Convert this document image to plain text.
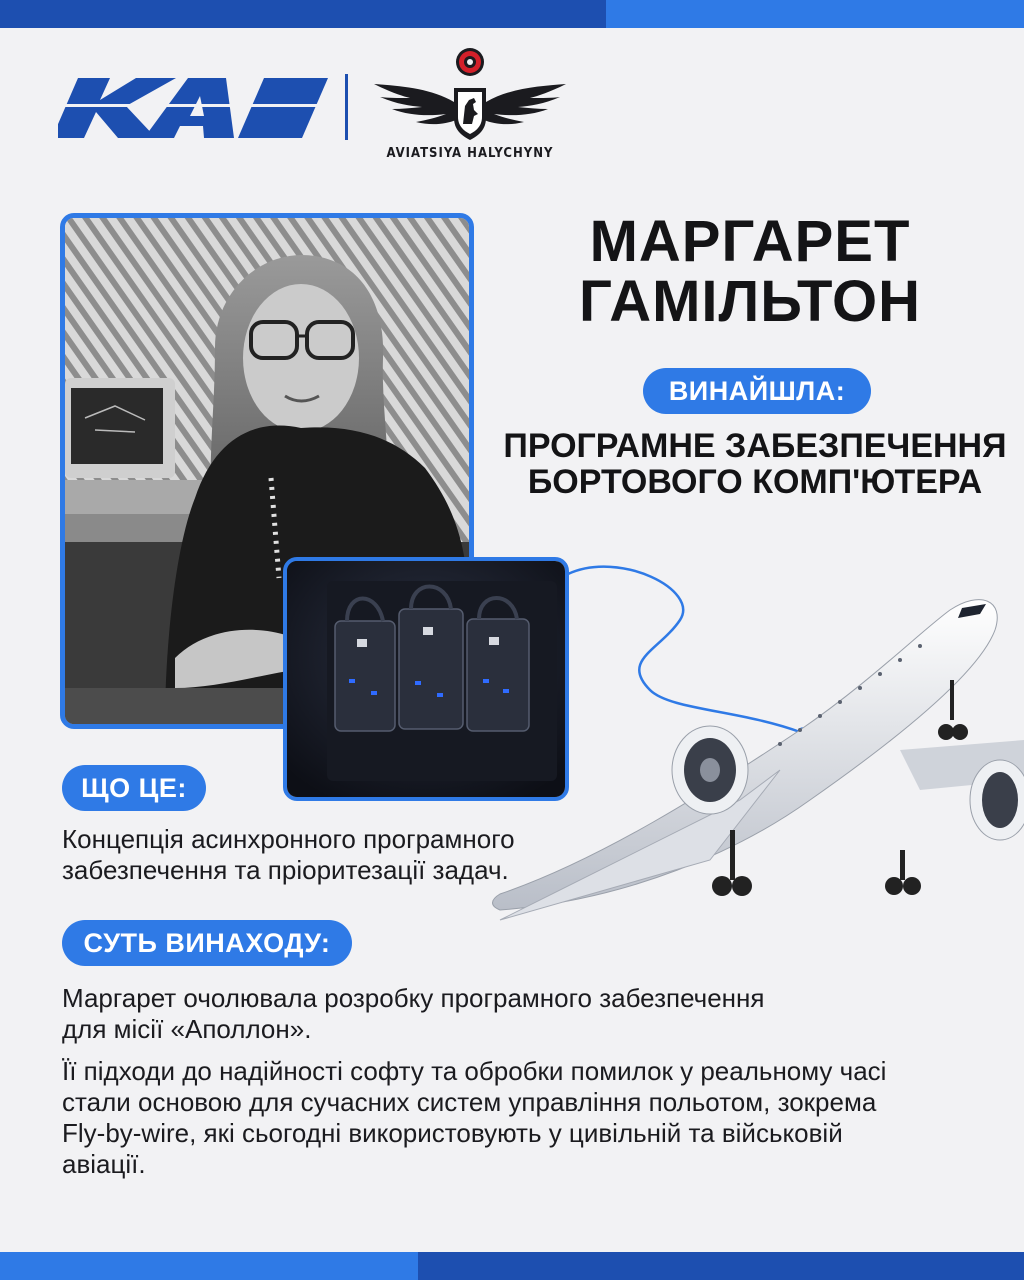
AVIATSIYA HALYCHYNY
МАРГАРЕТ ГАМІЛЬТОН
ВИНАЙШЛА:
ПРОГРАМНЕ ЗАБЕЗПЕЧЕННЯ БОРТОВОГО КОМП'ЮТЕРА
ЩО ЦЕ:

Концепція асинхронного програмного забезпечення та пріоритезації задач.

СУТЬ ВИНАХОДУ:

Маргарет очолювала розробку програмного забезпечення для місії «Аполлон».

Її підходи до надійності софту та обробки помилок у реальному часі стали основою для сучасних систем управління польотом, зокрема Fly-by-wire, які сьогодні використовують у цивільній та військовій авіації.
